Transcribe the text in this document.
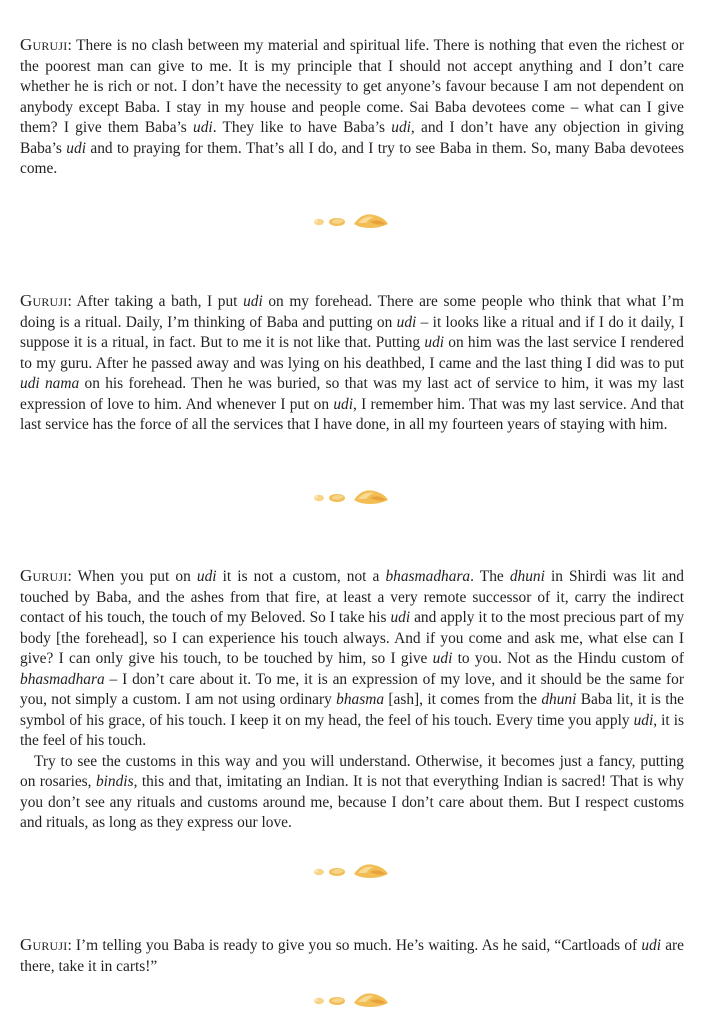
Guruji: There is no clash between my material and spiritual life. There is nothing that even the richest or the poorest man can give to me. It is my principle that I should not accept anything and I don’t care whether he is rich or not. I don’t have the necessity to get anyone’s favour because I am not dependent on anybody except Baba. I stay in my house and people come. Sai Baba devotees come – what can I give them? I give them Baba’s udi. They like to have Baba’s udi, and I don’t have any objection in giving Baba’s udi and to praying for them. That’s all I do, and I try to see Baba in them. So, many Baba devotees come.

Guruji: After taking a bath, I put udi on my forehead. There are some people who think that what I’m doing is a ritual. Daily, I’m thinking of Baba and putting on udi – it looks like a ritual and if I do it daily, I suppose it is a ritual, in fact. But to me it is not like that. Putting udi on him was the last service I rendered to my guru. After he passed away and was lying on his deathbed, I came and the last thing I did was to put udi nama on his forehead. Then he was buried, so that was my last act of service to him, it was my last expression of love to him. And whenever I put on udi, I remember him. That was my last service. And that last service has the force of all the services that I have done, in all my fourteen years of staying with him.

Guruji: When you put on udi it is not a custom, not a bhasmadhara. The dhuni in Shirdi was lit and touched by Baba, and the ashes from that fire, at least a very remote successor of it, carry the indirect contact of his touch, the touch of my Beloved. So I take his udi and apply it to the most precious part of my body [the forehead], so I can experience his touch always. And if you come and ask me, what else can I give? I can only give his touch, to be touched by him, so I give udi to you. Not as the Hindu custom of bhasmadhara – I don’t care about it. To me, it is an expression of my love, and it should be the same for you, not simply a custom. I am not using ordinary bhasma [ash], it comes from the dhuni Baba lit, it is the symbol of his grace, of his touch. I keep it on my head, the feel of his touch. Every time you apply udi, it is the feel of his touch.

Try to see the customs in this way and you will understand. Otherwise, it becomes just a fancy, putting on rosaries, bindis, this and that, imitating an Indian. It is not that everything Indian is sacred! That is why you don’t see any rituals and customs around me, because I don’t care about them. But I respect customs and rituals, as long as they express our love.

Guruji: I’m telling you Baba is ready to give you so much. He’s waiting. As he said, “Cartloads of udi are there, take it in carts!”
